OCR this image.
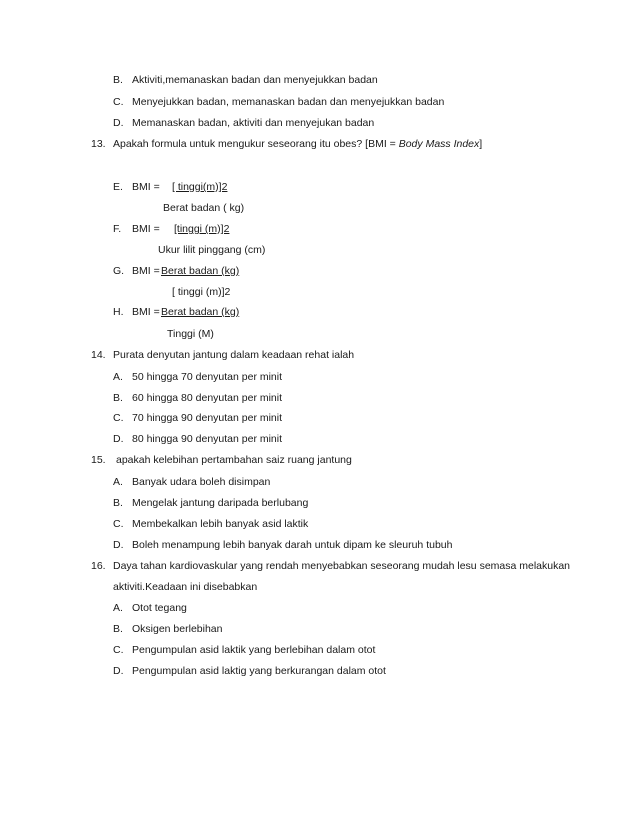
B. Aktiviti,memanaskan badan dan menyejukkan badan
C. Menyejukkan badan, memanaskan badan dan menyejukkan badan
D. Memanaskan badan, aktiviti dan menyejukan badan
13. Apakah formula untuk mengukur seseorang itu obes? [BMI = Body Mass Index]
E. BMI = [ tinggi(m)]2
Berat badan ( kg)
F. BMI = [tinggi (m)]2
Ukur lilit pinggang (cm)
G. BMI = Berat badan (kg)
[ tinggi (m)]2
H. BMI = Berat badan (kg)
Tinggi (M)
14. Purata denyutan jantung dalam keadaan rehat ialah
A. 50 hingga 70 denyutan per minit
B. 60 hingga 80 denyutan per minit
C. 70 hingga 90 denyutan per minit
D. 80 hingga 90 denyutan per minit
15. apakah kelebihan pertambahan saiz ruang jantung
A. Banyak udara boleh disimpan
B. Mengelak jantung daripada berlubang
C. Membekalkan lebih banyak asid laktik
D. Boleh menampung lebih banyak darah untuk dipam ke sleuruh tubuh
16. Daya tahan kardiovaskular yang rendah menyebabkan seseorang mudah lesu semasa melakukan
aktiviti.Keadaan ini disebabkan
A. Otot tegang
B. Oksigen berlebihan
C. Pengumpulan asid laktik yang berlebihan dalam otot
D. Pengumpulan asid laktig yang berkurangan dalam otot
